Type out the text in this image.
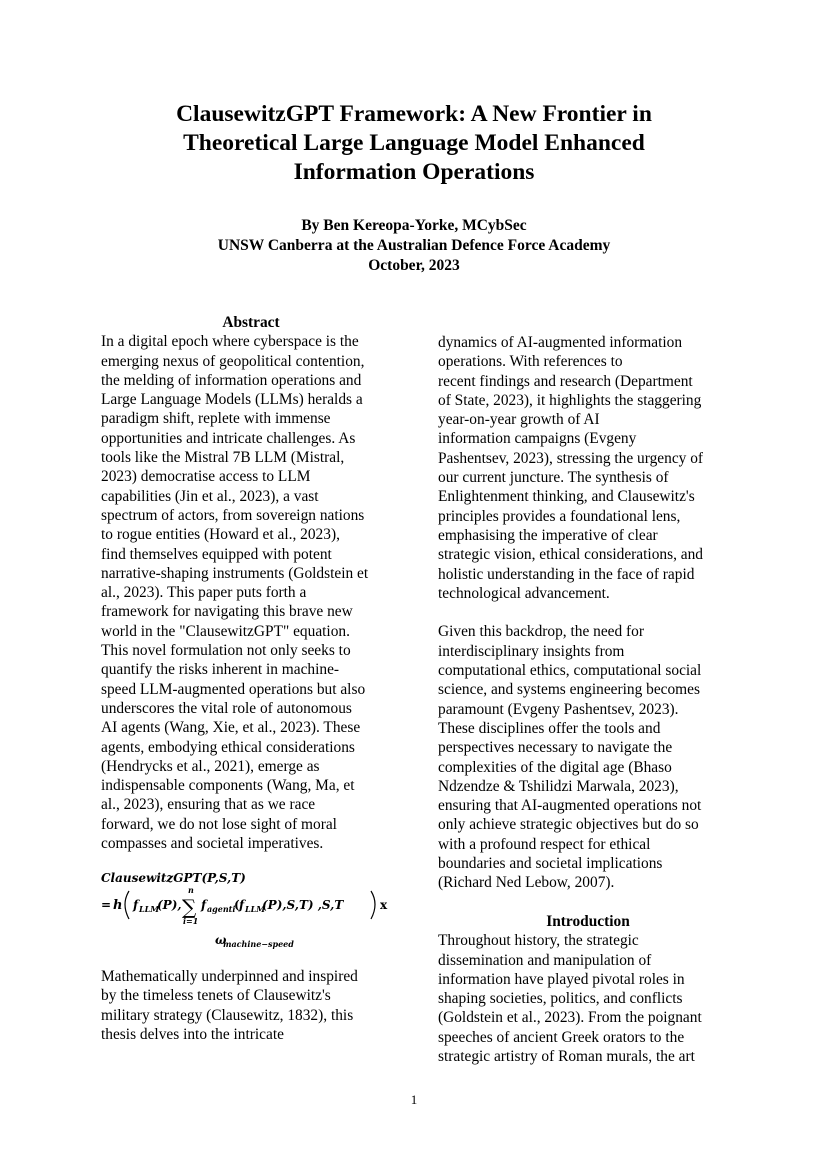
ClausewitzGPT Framework: A New Frontier in
Theoretical Large Language Model Enhanced
Information Operations
By Ben Kereopa-Yorke, MCybSec
UNSW Canberra at the Australian Defence Force Academy
October, 2023
Abstract
In a digital epoch where cyberspace is the
emerging nexus of geopolitical contention,
the melding of information operations and
Large Language Models (LLMs) heralds a
paradigm shift, replete with immense
opportunities and intricate challenges. As
tools like the Mistral 7B LLM (Mistral,
2023) democratise access to LLM
capabilities (Jin et al., 2023), a vast
spectrum of actors, from sovereign nations
to rogue entities (Howard et al., 2023),
find themselves equipped with potent
narrative-shaping instruments (Goldstein et
al., 2023). This paper puts forth a
framework for navigating this brave new
world in the "ClausewitzGPT" equation.
This novel formulation not only seeks to
quantify the risks inherent in machine-
speed LLM-augmented operations but also
underscores the vital role of autonomous
AI agents (Wang, Xie, et al., 2023). These
agents, embodying ethical considerations
(Hendrycks et al., 2021), emerge as
indispensable components (Wang, Ma, et
al., 2023), ensuring that as we race
forward, we do not lose sight of moral
compasses and societal imperatives.
ClausewitzGPT(P,S,T)
= h f LLM
(P),
n
∑
i=1
f agenti
( f LLM
(P),S,T) ,S,T	x
ω
machine−speed
Mathematically underpinned and inspired
by the timeless tenets of Clausewitz's
military strategy (Clausewitz, 1832), this
thesis delves into the intricate
dynamics of AI-augmented information
operations. With references to
recent findings and research (Department
of State, 2023), it highlights the staggering
year-on-year growth of AI
information campaigns (Evgeny
Pashentsev, 2023), stressing the urgency of
our current juncture. The synthesis of
Enlightenment thinking, and Clausewitz's
principles provides a foundational lens,
emphasising the imperative of clear
strategic vision, ethical considerations, and
holistic understanding in the face of rapid
technological advancement.
Given this backdrop, the need for
interdisciplinary insights from
computational ethics, computational social
science, and systems engineering becomes
paramount (Evgeny Pashentsev, 2023).
These disciplines offer the tools and
perspectives necessary to navigate the
complexities of the digital age (Bhaso
Ndzendze & Tshilidzi Marwala, 2023),
ensuring that AI-augmented operations not
only achieve strategic objectives but do so
with a profound respect for ethical
boundaries and societal implications
(Richard Ned Lebow, 2007).
Introduction
Throughout history, the strategic
dissemination and manipulation of
information have played pivotal roles in
shaping societies, politics, and conflicts
(Goldstein et al., 2023). From the poignant
speeches of ancient Greek orators to the
strategic artistry of Roman murals, the art
1
